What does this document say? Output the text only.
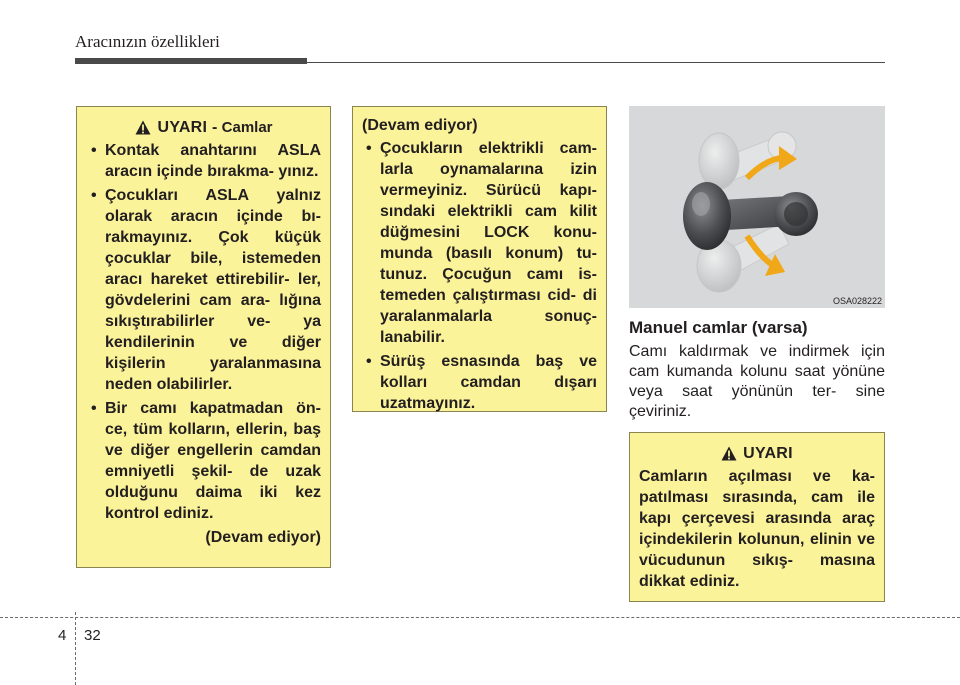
Aracınızın özellikleri
UYARI - Camlar
• Kontak anahtarını ASLA aracın içinde bırakma- yınız.
• Çocukları ASLA yalnız olarak aracın içinde bı- rakmayınız. Çok küçük çocuklar bile, istemeden aracı hareket ettirebilir- ler, gövdelerini cam ara- lığına sıkıştırabilirler ve- ya kendilerinin ve diğer kişilerin yaralanmasına neden olabilirler.
• Bir camı kapatmadan ön- ce, tüm kolların, ellerin, baş ve diğer engellerin camdan emniyetli şekil- de uzak olduğunu daima iki kez kontrol ediniz.
(Devam ediyor)
(Devam ediyor)
• Çocukların elektrikli cam- larla oynamalarına izin vermeyiniz. Sürücü kapı- sındaki elektrikli cam kilit düğmesini LOCK konu- munda (basılı konum) tu- tunuz. Çocuğun camı is- temeden çalıştırması cid- di yaralanmalarla sonuç- lanabilir.
• Sürüş esnasında baş ve kolları camdan dışarı uzatmayınız.
OSA028222
Manuel camlar (varsa)
Camı kaldırmak ve indirmek için cam kumanda kolunu saat yönüne veya saat yönünün ter- sine çeviriniz.
UYARI
Camların açılması ve ka- patılması sırasında, cam ile kapı çerçevesi arasında araç içindekilerin kolunun, elinin ve vücudunun sıkış- masına dikkat ediniz.
4 32
